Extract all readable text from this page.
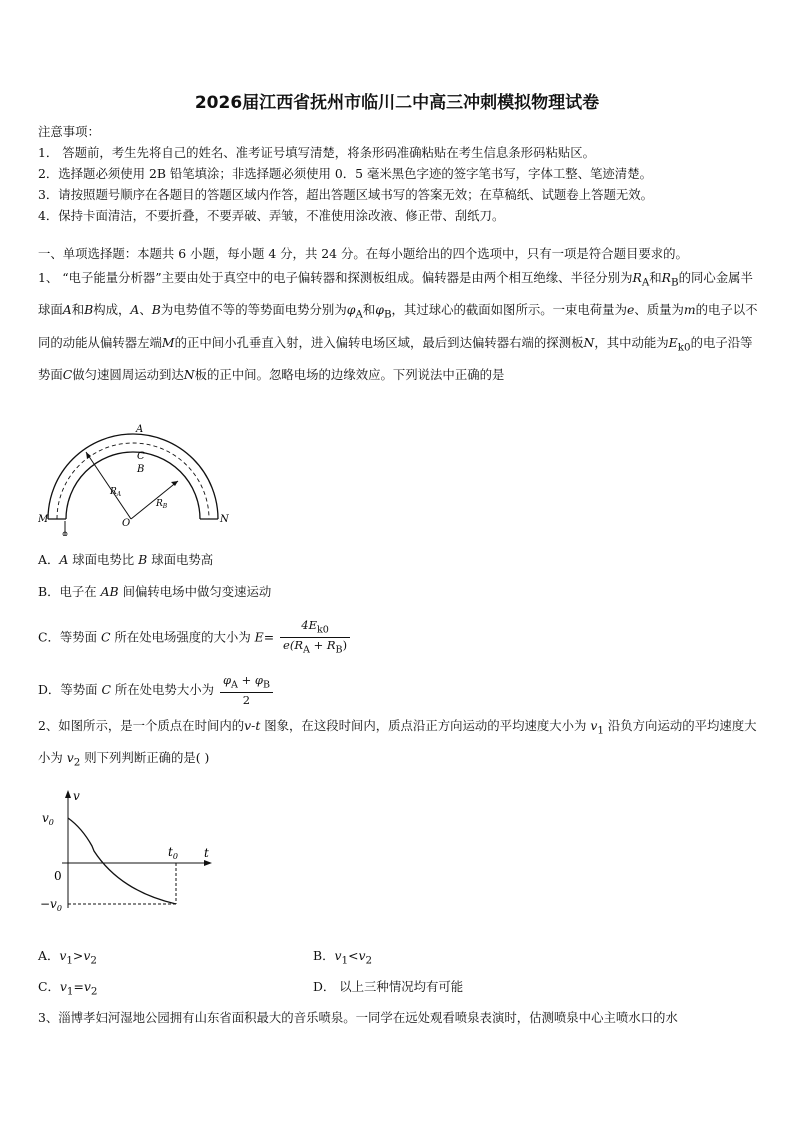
2026届江西省抚州市临川二中高三冲刺模拟物理试卷
注意事项：
1． 答题前，考生先将自己的姓名、准考证号填写清楚，将条形码准确粘贴在考生信息条形码粘贴区。
2．选择题必须使用 2B 铅笔填涂；非选择题必须使用 0．5 毫米黑色字迹的签字笔书写，字体工整、笔迹清楚。
3．请按照题号顺序在各题目的答题区域内作答，超出答题区域书写的答案无效；在草稿纸、试题卷上答题无效。
4．保持卡面清洁，不要折叠，不要弄破、弄皱，不准使用涂改液、修正带、刮纸刀。
一、单项选择题：本题共 6 小题，每小题 4 分，共 24 分。在每小题给出的四个选项中，只有一项是符合题目要求的。

1、 “电子能量分析器”主要由处于真空中的电子偏转器和探测板组成。偏转器是由两个相互绝缘、半径分别为$R_A$和$R_B$的同心金属半球面A和B构成，A、B为电势值不等的等势面电势分别为$\varphi_A$和$\varphi_B$，其过球心的截面如图所示。一束电荷量为e、质量为m的电子以不同的动能从偏转器左端M的正中间小孔垂直入射，进入偏转电场区域，最后到达偏转器右端的探测板N，其中动能为$E_{k0}$的电子沿等势面C做匀速圆周运动到达N板的正中间。忽略电场的边缘效应。下列说法中正确的是

A
C
B
$R_A$
$R_B$
O
M	N
A．A 球面电势比 B 球面电势高
B．电子在 AB 间偏转电场中做匀变速运动
C．等势面 C 所在处电场强度的大小为 $E= \frac{4E_{k0}}{e(R_A + R_B)}$
D．等势面 C 所在处电势大小为 $\frac{\varphi_A + \varphi_B}{2}$

2、如图所示，是一个质点在时间内的v-t 图象，在这段时间内，质点沿正方向运动的平均速度大小为 $v_1$ 沿负方向运动的平均速度大小为 $v_2$ 则下列判断正确的是( )

v
t
$v_0$
$t_0$
0
$-v_0$
A．$v_1>v_2$	B．$v_1<v_2$
C．$v_1=v_2$	D． 以上三种情况均有可能
3、淄博孝妇河湿地公园拥有山东省面积最大的音乐喷泉。一同学在远处观看喷泉表演时，估测喷泉中心主喷水口的水
